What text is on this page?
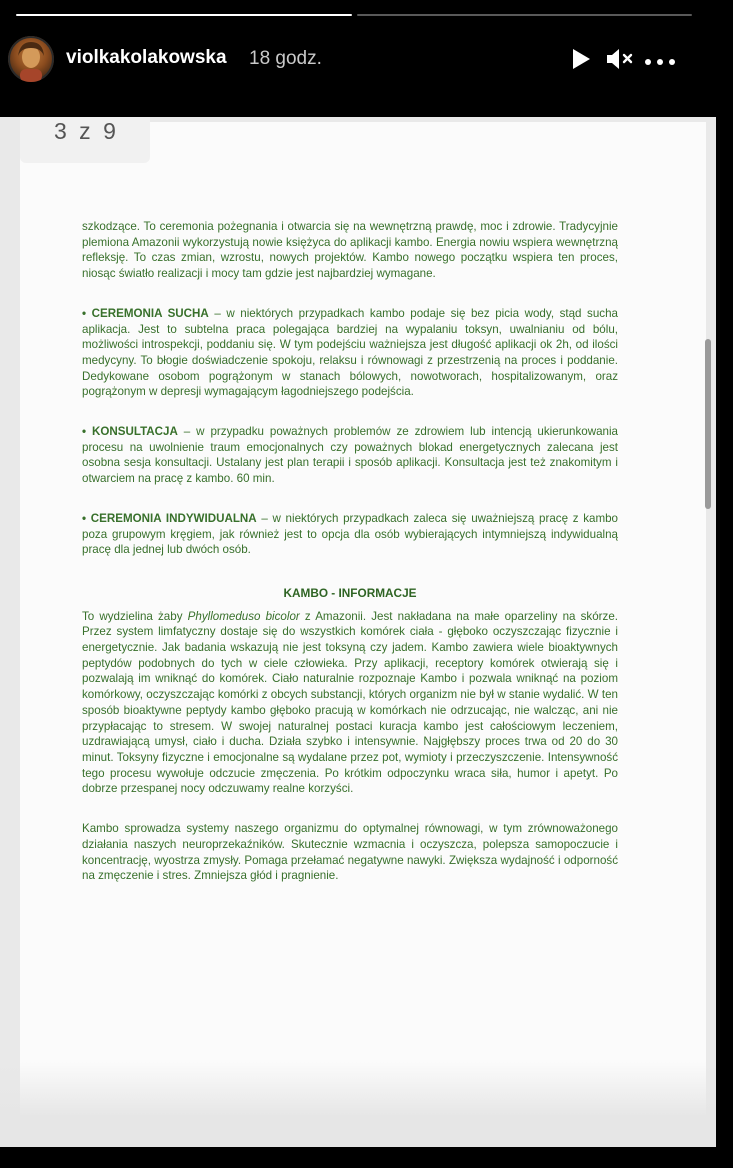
violkakolakowska 18 godz.
3 z 9

szkodzące. To ceremonia pożegnania i otwarcia się na wewnętrzną prawdę, moc i zdrowie. Tradycyjnie plemiona Amazonii wykorzystują nowie księżyca do aplikacji kambo. Energia nowiu wspiera wewnętrzną refleksję. To czas zmian, wzrostu, nowych projektów. Kambo nowego początku wspiera ten proces, niosąc światło realizacji i mocy tam gdzie jest najbardziej wymagane.

• CEREMONIA SUCHA – w niektórych przypadkach kambo podaje się bez picia wody, stąd sucha aplikacja. Jest to subtelna praca polegająca bardziej na wypalaniu toksyn, uwalnianiu od bólu, możliwości introspekcji, poddaniu się. W tym podejściu ważniejsza jest długość aplikacji ok 2h, od ilości medycyny. To błogie doświadczenie spokoju, relaksu i równowagi z przestrzenią na proces i poddanie. Dedykowane osobom pogrążonym w stanach bólowych, nowotworach, hospitalizowanym, oraz pogrążonym w depresji wymagającym łagodniejszego podejścia.

• KONSULTACJA – w przypadku poważnych problemów ze zdrowiem lub intencją ukierunkowania procesu na uwolnienie traum emocjonalnych czy poważnych blokad energetycznych zalecana jest osobna sesja konsultacji. Ustalany jest plan terapii i sposób aplikacji. Konsultacja jest też znakomitym i otwarciem na pracę z kambo. 60 min.

• CEREMONIA INDYWIDUALNA – w niektórych przypadkach zaleca się uważniejszą pracę z kambo poza grupowym kręgiem, jak również jest to opcja dla osób wybierających intymniejszą indywidualną pracę dla jednej lub dwóch osób.

KAMBO - INFORMACJE

To wydzielina żaby Phyllomeduso bicolor z Amazonii. Jest nakładana na małe oparzeliny na skórze. Przez system limfatyczny dostaje się do wszystkich komórek ciała - głęboko oczyszczając fizycznie i energetycznie. Jak badania wskazują nie jest toksyną czy jadem. Kambo zawiera wiele bioaktywnych peptydów podobnych do tych w ciele człowieka. Przy aplikacji, receptory komórek otwierają się i pozwalają im wniknąć do komórek. Ciało naturalnie rozpoznaje Kambo i pozwala wniknąć na poziom komórkowy, oczyszczając komórki z obcych substancji, których organizm nie był w stanie wydalić. W ten sposób bioaktywne peptydy kambo głęboko pracują w komórkach nie odrzucając, nie walcząc, ani nie przypłacając to stresem. W swojej naturalnej postaci kuracja kambo jest całościowym leczeniem, uzdrawiającą umysł, ciało i ducha. Działa szybko i intensywnie. Najgłębszy proces trwa od 20 do 30 minut. Toksyny fizyczne i emocjonalne są wydalane przez pot, wymioty i przeczyszczenie. Intensywność tego procesu wywołuje odczucie zmęczenia. Po krótkim odpoczynku wraca siła, humor i apetyt. Po dobrze przespanej nocy odczuwamy realne korzyści.

Kambo sprowadza systemy naszego organizmu do optymalnej równowagi, w tym zrównoważonego działania naszych neuroprzekaźników. Skutecznie wzmacnia i oczyszcza, polepsza samopoczucie i koncentrację, wyostrza zmysły. Pomaga przełamać negatywne nawyki. Zwiększa wydajność i odporność na zmęczenie i stres. Zmniejsza głód i pragnienie.
